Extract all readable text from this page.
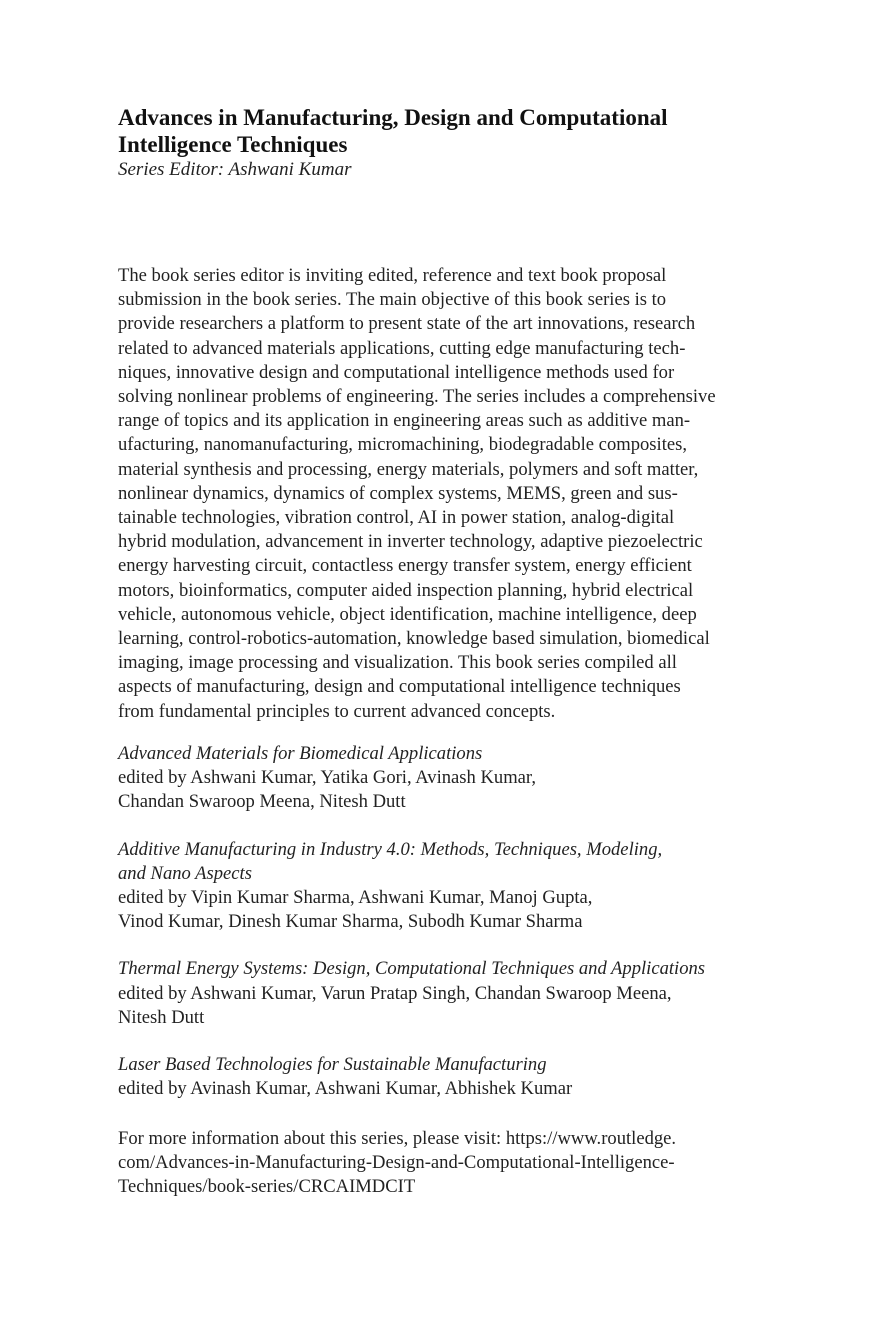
Advances in Manufacturing, Design and Computational
Intelligence Techniques

Series Editor: Ashwani Kumar

The book series editor is inviting edited, reference and text book proposal
submission in the book series. The main objective of this book series is to
provide researchers a platform to present state of the art innovations, research
related to advanced materials applications, cutting edge manufacturing tech-
niques, innovative design and computational intelligence methods used for
solving nonlinear problems of engineering. The series includes a comprehensive
range of topics and its application in engineering areas such as additive man-
ufacturing, nanomanufacturing, micromachining, biodegradable composites,
material synthesis and processing, energy materials, polymers and soft matter,
nonlinear dynamics, dynamics of complex systems, MEMS, green and sus-
tainable technologies, vibration control, AI in power station, analog-digital
hybrid modulation, advancement in inverter technology, adaptive piezoelectric
energy harvesting circuit, contactless energy transfer system, energy efficient
motors, bioinformatics, computer aided inspection planning, hybrid electrical
vehicle, autonomous vehicle, object identification, machine intelligence, deep
learning, control-robotics-automation, knowledge based simulation, biomedical
imaging, image processing and visualization. This book series compiled all
aspects of manufacturing, design and computational intelligence techniques
from fundamental principles to current advanced concepts.

Advanced Materials for Biomedical Applications
edited by Ashwani Kumar, Yatika Gori, Avinash Kumar,
Chandan Swaroop Meena, Nitesh Dutt

Additive Manufacturing in Industry 4.0: Methods, Techniques, Modeling,
and Nano Aspects
edited by Vipin Kumar Sharma, Ashwani Kumar, Manoj Gupta,
Vinod Kumar, Dinesh Kumar Sharma, Subodh Kumar Sharma

Thermal Energy Systems: Design, Computational Techniques and Applications
edited by Ashwani Kumar, Varun Pratap Singh, Chandan Swaroop Meena,
Nitesh Dutt

Laser Based Technologies for Sustainable Manufacturing
edited by Avinash Kumar, Ashwani Kumar, Abhishek Kumar

For more information about this series, please visit: https://www.routledge.
com/Advances-in-Manufacturing-Design-and-Computational-Intelligence-
Techniques/book-series/CRCAIMDCIT
